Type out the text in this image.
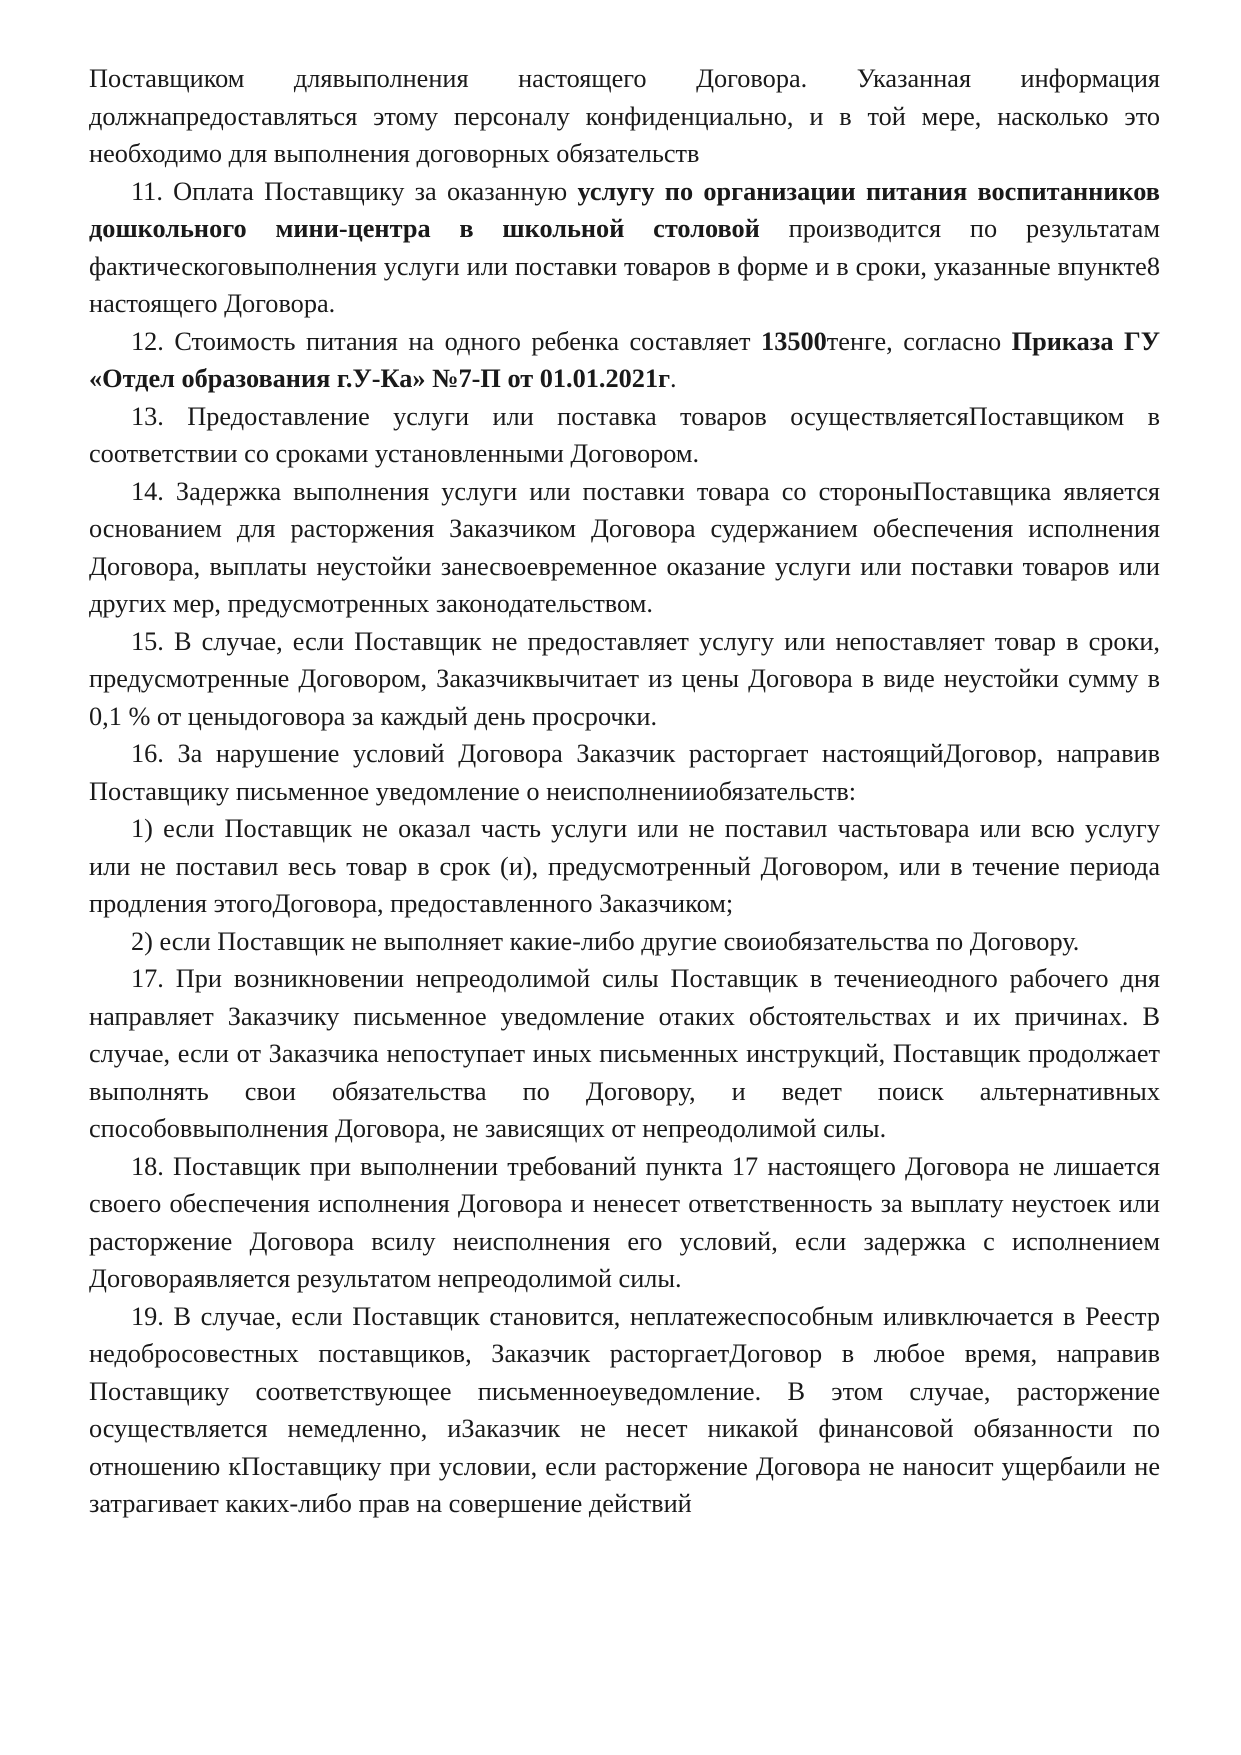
Поставщиком длявыполнения настоящего Договора. Указанная информация должнапредоставляться этому персоналу конфиденциально, и в той мере, насколько это необходимо для выполнения договорных обязательств

11. Оплата Поставщику за оказанную услугу по организации питания воспитанников дошкольного мини-центра в школьной столовой производится по результатам фактическоговыполнения услуги или поставки товаров в форме и в сроки, указанные впункте8 настоящего Договора.

12. Стоимость питания на одного ребенка составляет 13500тенге, согласно Приказа ГУ «Отдел образования г.У-Ка» №7-П от 01.01.2021г.

13. Предоставление услуги или поставка товаров осуществляетсяПоставщиком в соответствии со сроками установленными Договором.

14. Задержка выполнения услуги или поставки товара со стороныПоставщика является основанием для расторжения Заказчиком Договора судержанием обеспечения исполнения Договора, выплаты неустойки занесвоевременное оказание услуги или поставки товаров или других мер, предусмотренных законодательством.

15. В случае, если Поставщик не предоставляет услугу или непоставляет товар в сроки, предусмотренные Договором, Заказчиквычитает из цены Договора в виде неустойки сумму в 0,1 % от ценыдоговора за каждый день просрочки.

16. За нарушение условий Договора Заказчик расторгает настоящийДоговор, направив Поставщику письменное уведомление о неисполненииобязательств:

1) если Поставщик не оказал часть услуги или не поставил частьтовара или всю услугу или не поставил весь товар в срок (и), предусмотренный Договором, или в течение периода продления этогоДоговора, предоставленного Заказчиком;

2) если Поставщик не выполняет какие-либо другие своиобязательства по Договору.

17. При возникновении непреодолимой силы Поставщик в течениеодного рабочего дня направляет Заказчику письменное уведомление отаких обстоятельствах и их причинах. В случае, если от Заказчика непоступает иных письменных инструкций, Поставщик продолжает выполнять свои обязательства по Договору, и ведет поиск альтернативных способоввыполнения Договора, не зависящих от непреодолимой силы.

18. Поставщик при выполнении требований пункта 17 настоящего Договора не лишается своего обеспечения исполнения Договора и ненесет ответственность за выплату неустоек или расторжение Договора всилу неисполнения его условий, если задержка с исполнением Договораявляется результатом непреодолимой силы.

19. В случае, если Поставщик становится, неплатежеспособным иливключается в Реестр недобросовестных поставщиков, Заказчик расторгаетДоговор в любое время, направив Поставщику соответствующее письменноеуведомление. В этом случае, расторжение осуществляется немедленно, иЗаказчик не несет никакой финансовой обязанности по отношению кПоставщику при условии, если расторжение Договора не наносит ущербаили не затрагивает каких-либо прав на совершение действий
